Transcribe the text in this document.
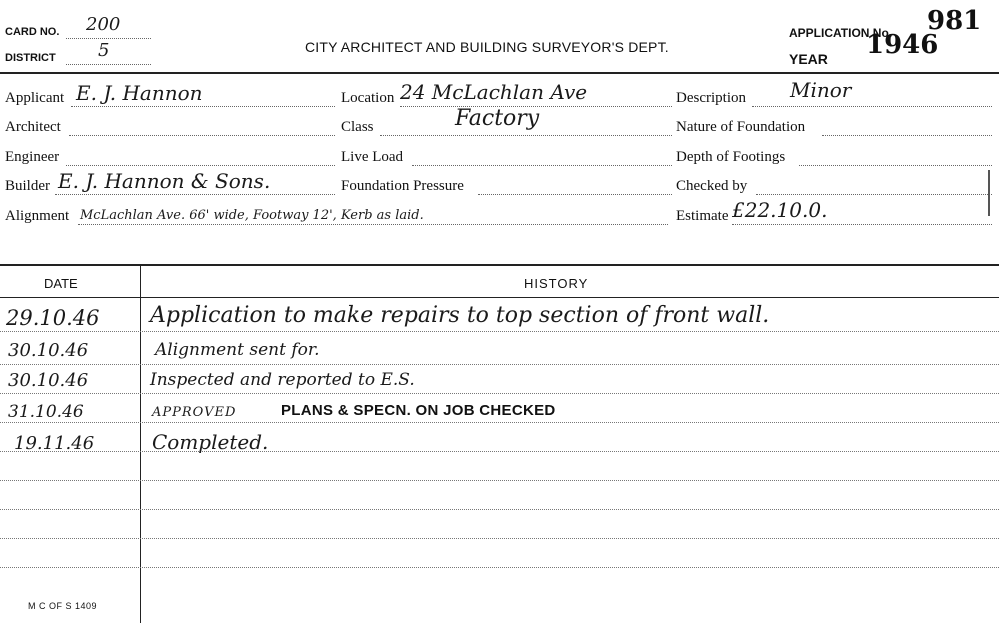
CARD NO. 200
DISTRICT 5	CITY ARCHITECT AND BUILDING SURVEYOR'S DEPT.
APPLICATION No. 981
YEAR 1946
Applicant E. J. Hannon
Architect
Engineer
Builder E. J. Hannon & Sons.
Alignment McLachlan Ave. 66' wide, Footway 12', Kerb as laid.
Location 24 McLachlan Ave
Class	Factory
Live Load
Foundation Pressure
Description Minor
Nature of Foundation
Depth of Footings
Checked by
Estimate £22.10.0.
DATE	HISTORY
29.10.46 Application to make repairs to top section of front wall.
30.10.46	Alignment sent for.
30.10.46	Inspected and reported to E.S.
31.10.46	APPROVED	PLANS & SPECN. ON JOB CHECKED
19.11.46	Completed.
M C OF S 1409
